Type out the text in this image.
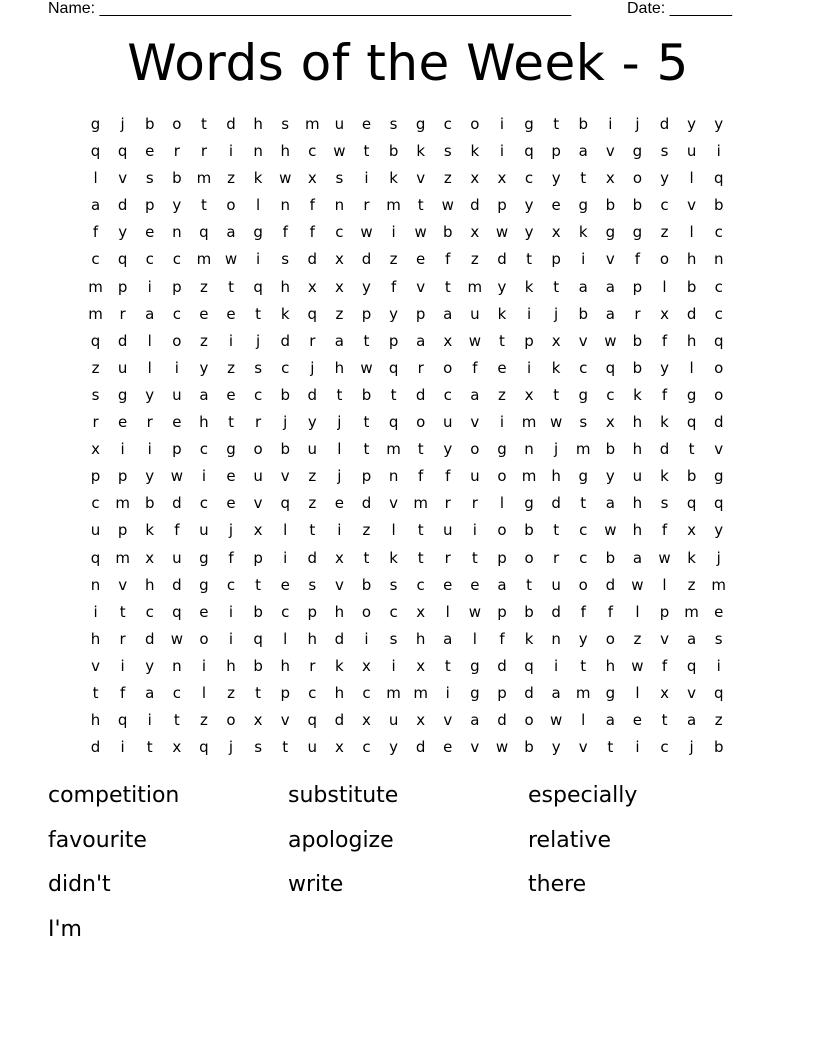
Name: _____________________________________________________	Date: _______
Words of the Week - 5
g	j	b	o	t	d	h	s	m	u	e	s	g	c	o	i	g	t	b	i	j	d	y	y
q	q	e	r	r	i	n	h	c	w	t	b	k	s	k	i	q	p	a	v	g	s	u	i
l	v	s	b	m	z	k	w	x	s	i	k	v	z	x	x	c	y	t	x	o	y	l	q
a	d	p	y	t	o	l	n	f	n	r	m	t	w	d	p	y	e	g	b	b	c	v	b
f	y	e	n	q	a	g	f	f	c	w	i	w	b	x	w	y	x	k	g	g	z	l	c
c	q	c	c	m w	i	s	d	x	d	z	e	f	z	d	t	p	i	v	f	o	h	n
m	p	i	p	z	t	q	h	x	x	y	f	v	t	m	y	k	t	a	a	p	l	b	c
m	r	a	c	e	e	t	k	q	z	p	y	p	a	u	k	i	j	b	a	r	x	d	c
q	d	l	o	z	i	j	d	r	a	t	p	a	x	w	t	p	x	v	w	b	f	h	q
z	u	l	i	y	z	s	c	j	h	w	q	r	o	f	e	i	k	c	q	b	y	l	o
s	g	y	u	a	e	c	b	d	t	b	t	d	c	a	z	x	t	g	c	k	f	g	o
r	e	r	e	h	t	r	j	y	j	t	q	o	u	v	i	m w	s	x	h	k	q	d
x	i	i	p	c	g	o	b	u	l	t	m	t	y	o	g	n	j	m	b	h	d	t	v
p	p	y	w	i	e	u	v	z	j	p	n	f	f	u	o	m	h	g	y	u	k	b	g
c	m	b	d	c	e	v	q	z	e	d	v	m	r	r	l	g	d	t	a	h	s	q	q
u	p	k	f	u	j	x	l	t	i	z	l	t	u	i	o	b	t	c	w	h	f	x	y
q	m	x	u	g	f	p	i	d	x	t	k	t	r	t	p	o	r	c	b	a	w	k	j
n	v	h	d	g	c	t	e	s	v	b	s	c	e	e	a	t	u	o	d	w	l	z	m
i	t	c	q	e	i	b	c	p	h	o	c	x	l	w	p	b	d	f	f	l	p	m	e
h	r	d	w	o	i	q	l	h	d	i	s	h	a	l	f	k	n	y	o	z	v	a	s
v	i	y	n	i	h	b	h	r	k	x	i	x	t	g	d	q	i	t	h	w	f	q	i
t	f	a	c	l	z	t	p	c	h	c	m m	i	g	p	d	a	m	g	l	x	v	q
h	q	i	t	z	o	x	v	q	d	x	u	x	v	a	d	o	w	l	a	e	t	a	z
d	i	t	x	q	j	s	t	u	x	c	y	d	e	v	w	b	y	v	t	i	c	j	b
competition	substitute	especially
favourite	apologize	relative
didn't	write	there
I'm
